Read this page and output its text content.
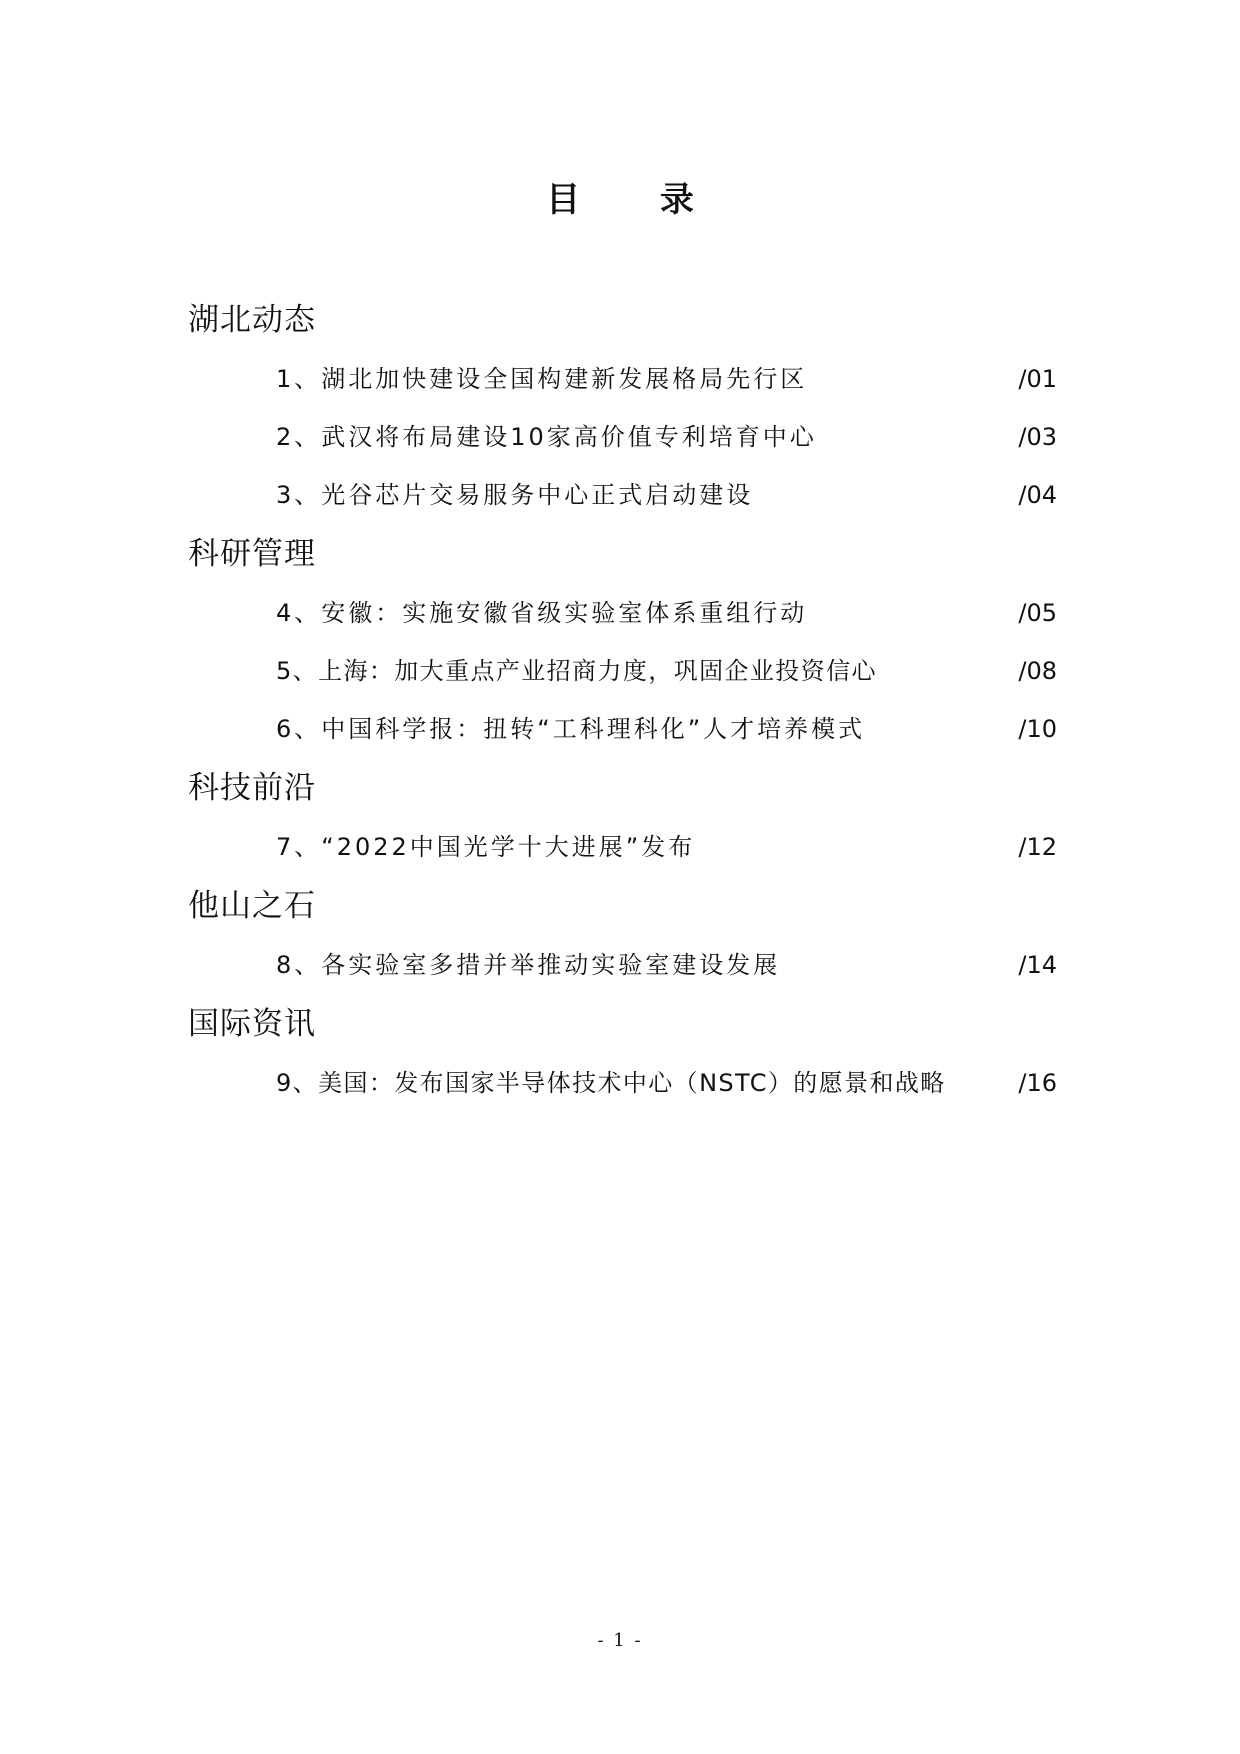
目 录
湖北动态
1、湖北加快建设全国构建新发展格局先行区	/01
2、武汉将布局建设10家高价值专利培育中心	/03
3、光谷芯片交易服务中心正式启动建设	/04
科研管理
4、安徽：实施安徽省级实验室体系重组行动	/05
5、上海：加大重点产业招商力度，巩固企业投资信心	/08
6、中国科学报：扭转“工科理科化”人才培养模式	/10
科技前沿
7、“2022中国光学十大进展”发布	/12
他山之石
8、各实验室多措并举推动实验室建设发展	/14
国际资讯
9、美国：发布国家半导体技术中心（NSTC）的愿景和战略	/16
- 1 -
